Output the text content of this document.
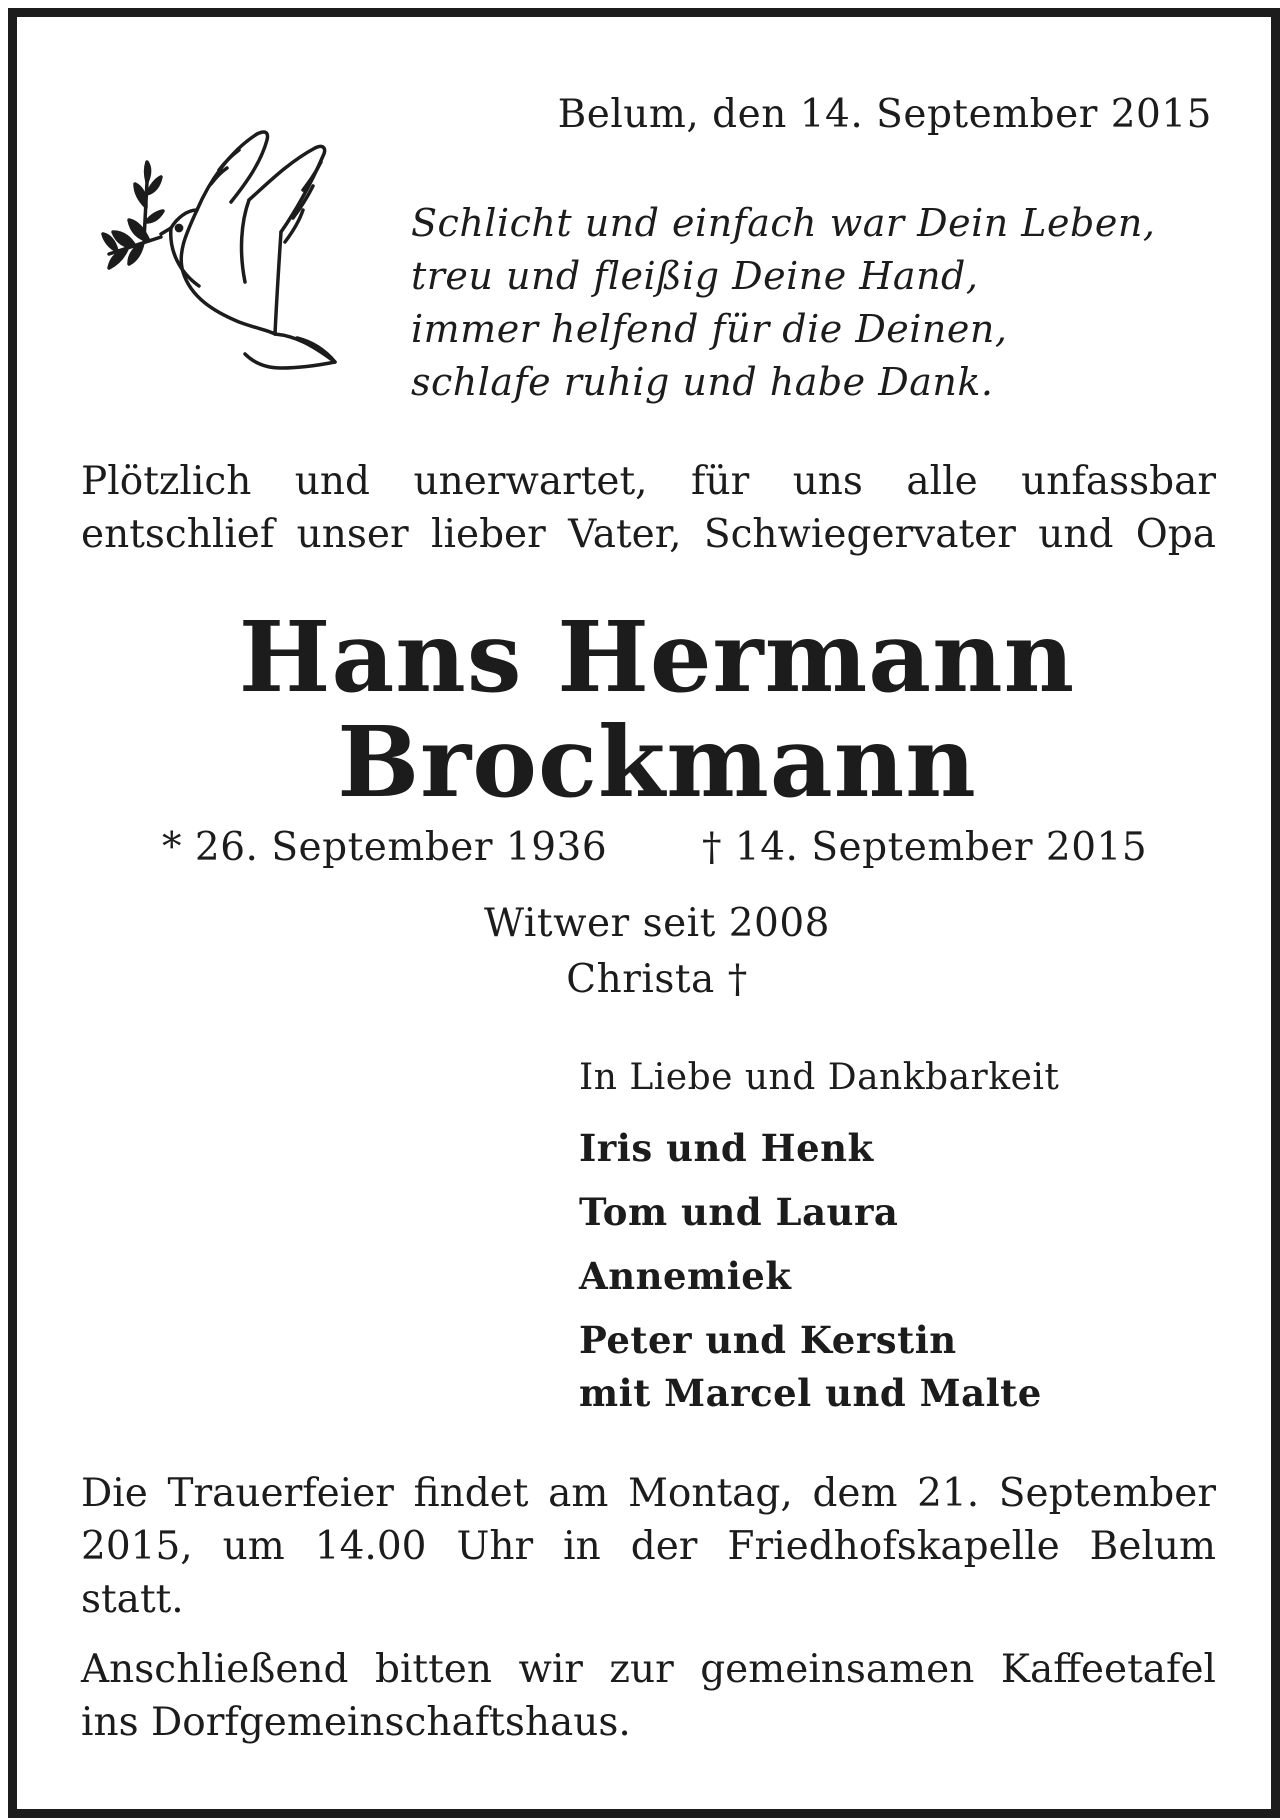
Belum, den 14. September 2015

Schlicht und einfach war Dein Leben,
treu und fleißig Deine Hand,
immer helfend für die Deinen,
schlafe ruhig und habe Dank.

Plötzlich und unerwartet, für uns alle unfassbar
entschlief unser lieber Vater, Schwiegervater und Opa

Hans Hermann
Brockmann

* 26. September 1936 † 14. September 2015

Witwer seit 2008

Christa †

In Liebe und Dankbarkeit

Iris und Henk
Tom und Laura
Annemiek
Peter und Kerstin
mit Marcel und Malte

Die Trauerfeier findet am Montag, dem 21. September
2015, um 14.00 Uhr in der Friedhofskapelle Belum
statt.

Anschließend bitten wir zur gemeinsamen Kaffeetafel
ins Dorfgemeinschaftshaus.
